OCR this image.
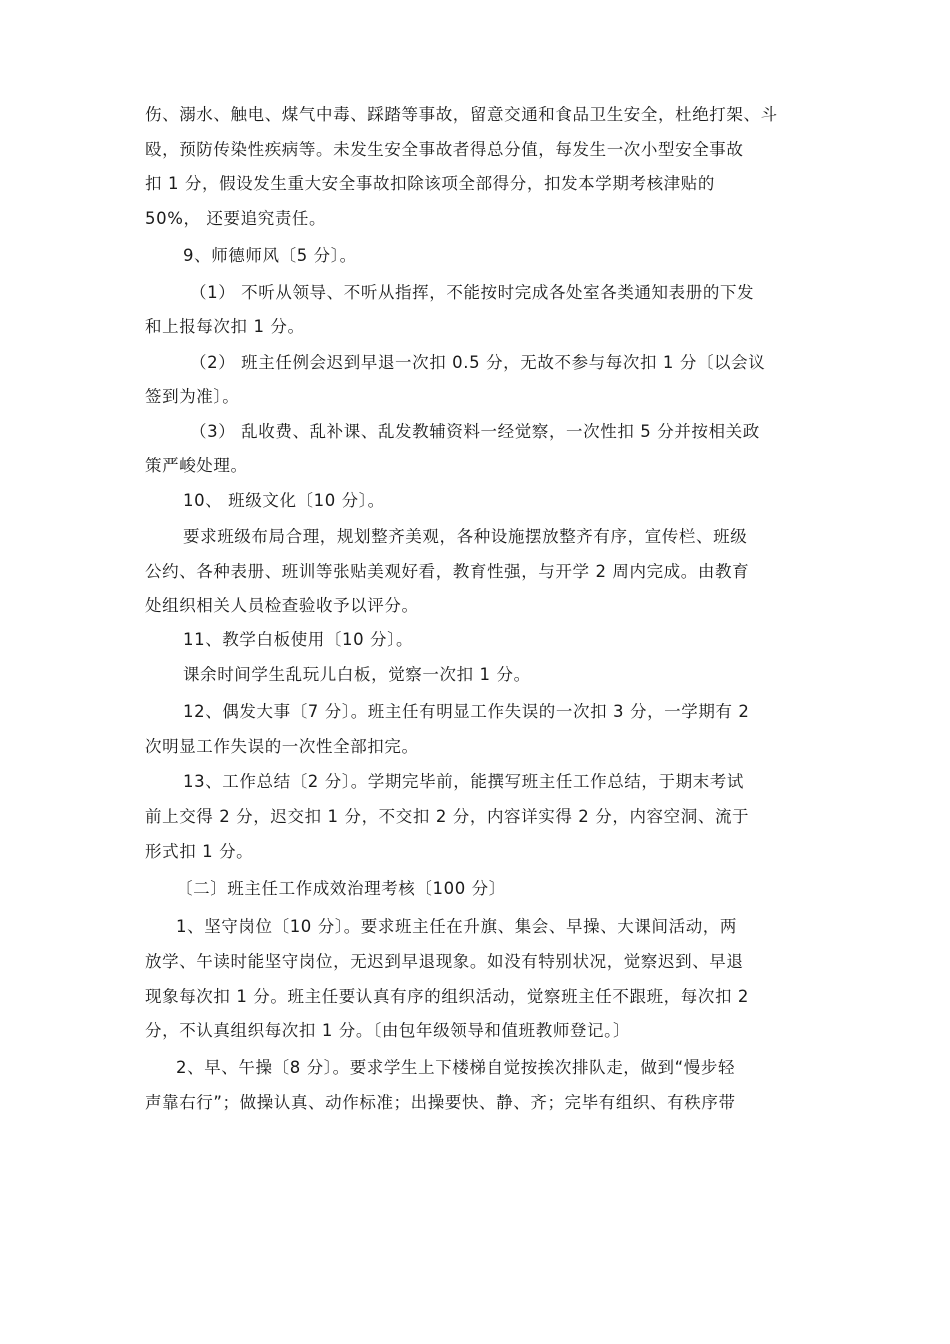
伤、溺水、触电、煤气中毒、踩踏等事故，留意交通和食品卫生安全，杜绝打架、斗
殴，预防传染性疾病等。未发生安全事故者得总分值，每发生一次小型安全事故
扣 1 分，假设发生重大安全事故扣除该项全部得分，扣发本学期考核津贴的
50%， 还要追究责任。
9、师德师风〔5 分〕。
（1） 不听从领导、不听从指挥，不能按时完成各处室各类通知表册的下发
和上报每次扣 1 分。
（2） 班主任例会迟到早退一次扣 0.5 分，无故不参与每次扣 1 分〔以会议
签到为准〕。
（3） 乱收费、乱补课、乱发教辅资料一经觉察，一次性扣 5 分并按相关政
策严峻处理。
10、 班级文化〔10 分〕。
要求班级布局合理，规划整齐美观，各种设施摆放整齐有序，宣传栏、班级
公约、各种表册、班训等张贴美观好看，教育性强，与开学 2 周内完成。由教育
处组织相关人员检查验收予以评分。
11、教学白板使用〔10 分〕。
课余时间学生乱玩儿白板，觉察一次扣 1 分。
12、偶发大事〔7 分〕。班主任有明显工作失误的一次扣 3 分，一学期有 2
次明显工作失误的一次性全部扣完。
13、工作总结〔2 分〕。学期完毕前，能撰写班主任工作总结，于期末考试
前上交得 2 分，迟交扣 1 分，不交扣 2 分，内容详实得 2 分，内容空洞、流于
形式扣 1 分。
〔二〕班主任工作成效治理考核〔100 分〕
1、坚守岗位〔10 分〕。要求班主任在升旗、集会、早操、大课间活动，两
放学、午读时能坚守岗位，无迟到早退现象。如没有特别状况，觉察迟到、早退
现象每次扣 1 分。班主任要认真有序的组织活动，觉察班主任不跟班，每次扣 2
分，不认真组织每次扣 1 分。〔由包年级领导和值班教师登记。〕
2、早、午操〔8 分〕。要求学生上下楼梯自觉按挨次排队走，做到“慢步轻
声靠右行”；做操认真、动作标准；出操要快、静、齐；完毕有组织、有秩序带
